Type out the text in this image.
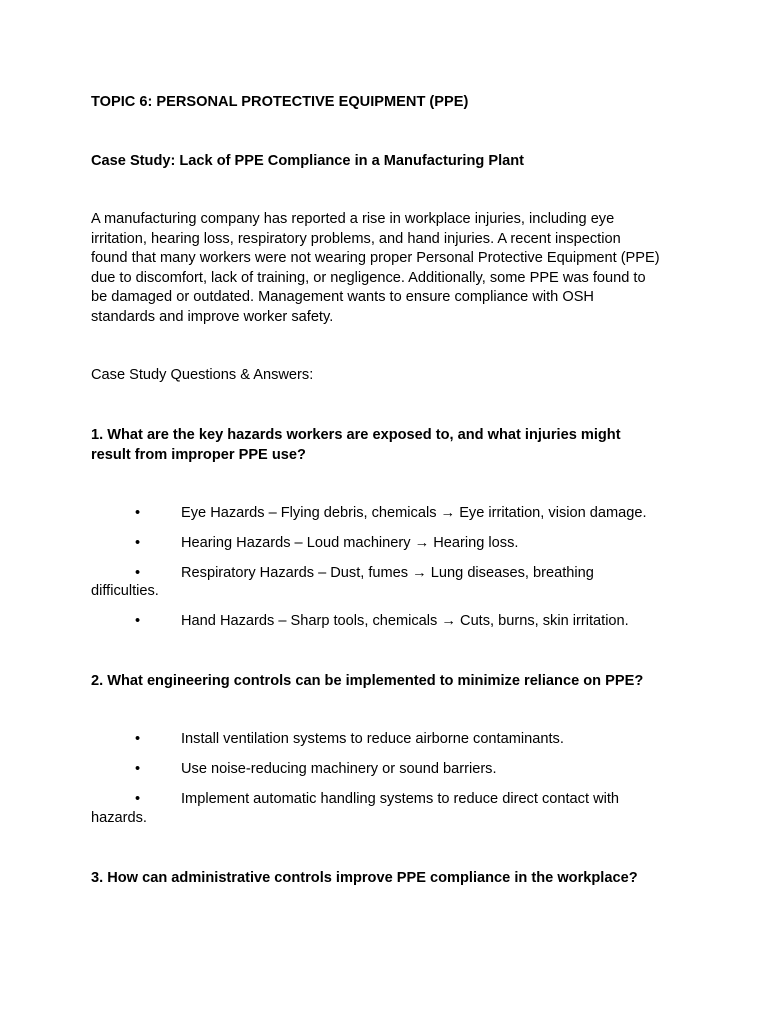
TOPIC 6: PERSONAL PROTECTIVE EQUIPMENT (PPE)
Case Study: Lack of PPE Compliance in a Manufacturing Plant
A manufacturing company has reported a rise in workplace injuries, including eye
irritation, hearing loss, respiratory problems, and hand injuries. A recent inspection
found that many workers were not wearing proper Personal Protective Equipment (PPE)
due to discomfort, lack of training, or negligence. Additionally, some PPE was found to
be damaged or outdated. Management wants to ensure compliance with OSH
standards and improve worker safety.
Case Study Questions & Answers:
1. What are the key hazards workers are exposed to, and what injuries might
result from improper PPE use?
•	Eye Hazards – Flying debris, chemicals → Eye irritation, vision damage.
•	Hearing Hazards – Loud machinery → Hearing loss.
•	Respiratory Hazards – Dust, fumes → Lung diseases, breathing
difficulties.
•	Hand Hazards – Sharp tools, chemicals → Cuts, burns, skin irritation.
2. What engineering controls can be implemented to minimize reliance on PPE?
•	Install ventilation systems to reduce airborne contaminants.
•	Use noise-reducing machinery or sound barriers.
•	Implement automatic handling systems to reduce direct contact with
hazards.
3. How can administrative controls improve PPE compliance in the workplace?
